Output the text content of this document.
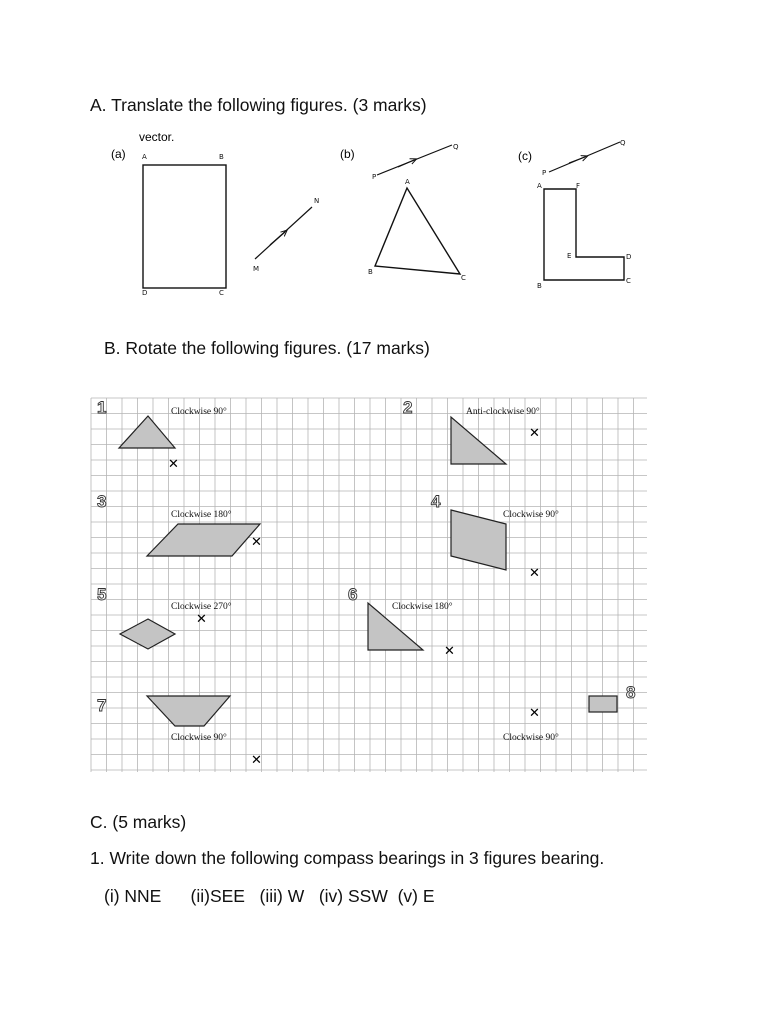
A. Translate the following figures. (3 marks)
vector.
(a) A	B
C
D
M
N
(b)
P
Q
A
B
C
(c)
P
Q
A	F
E	D
C
B
B. Rotate the following figures. (17 marks)
1	Clockwise 90°
✕
2	Anti-clockwise 90°
✕
3
Clockwise 180°
✕
4
Clockwise 90°
✕
5
Clockwise 270°
✕
6
Clockwise 180°
✕
7
Clockwise 90°
✕
8
✕
Clockwise 90°
C. (5 marks)
1. Write down the following compass bearings in 3 figures bearing.
(i) NNE      (ii)SEE   (iii) W   (iv) SSW  (v) E
